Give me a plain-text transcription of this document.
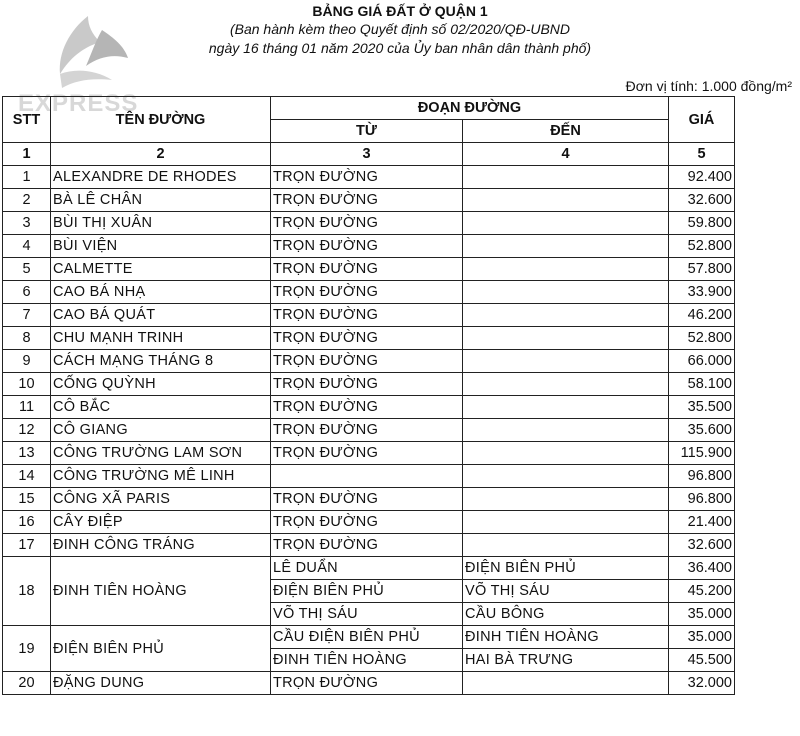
BẢNG GIÁ ĐẤT Ở QUẬN 1
(Ban hành kèm theo Quyết định số 02/2020/QĐ-UBND
ngày 16 tháng 01 năm 2020 của Ủy ban nhân dân thành phố)
Đơn vị tính: 1.000 đồng/m²
EXPRESS
STT	TÊN ĐƯỜNG	ĐOẠN ĐƯỜNG		GIÁ
		TỪ	ĐẾN	
1	2	3	4	5
1	ALEXANDRE DE RHODES	TRỌN ĐƯỜNG		92.400
2	BÀ LÊ CHÂN	TRỌN ĐƯỜNG		32.600
3	BÙI THỊ XUÂN	TRỌN ĐƯỜNG		59.800
4	BÙI VIỆN	TRỌN ĐƯỜNG		52.800
5	CALMETTE	TRỌN ĐƯỜNG		57.800
6	CAO BÁ NHẠ	TRỌN ĐƯỜNG		33.900
7	CAO BÁ QUÁT	TRỌN ĐƯỜNG		46.200
8	CHU MẠNH TRINH	TRỌN ĐƯỜNG		52.800
9	CÁCH MẠNG THÁNG 8	TRỌN ĐƯỜNG		66.000
10	CỐNG QUỲNH	TRỌN ĐƯỜNG		58.100
11	CÔ BẮC	TRỌN ĐƯỜNG		35.500
12	CÔ GIANG	TRỌN ĐƯỜNG		35.600
13	CÔNG TRƯỜNG LAM SƠN	TRỌN ĐƯỜNG		115.900
14	CÔNG TRƯỜNG MÊ LINH			96.800
15	CÔNG XÃ PARIS	TRỌN ĐƯỜNG		96.800
16	CÂY ĐIỆP	TRỌN ĐƯỜNG		21.400
17	ĐINH CÔNG TRÁNG	TRỌN ĐƯỜNG		32.600
18	ĐINH TIÊN HOÀNG	LÊ DUẨN	ĐIỆN BIÊN PHỦ	36.400
		ĐIỆN BIÊN PHỦ	VÕ THỊ SÁU	45.200
		VÕ THỊ SÁU	CẦU BÔNG	35.000
19	ĐIỆN BIÊN PHỦ	CẦU ĐIỆN BIÊN PHỦ	ĐINH TIÊN HOÀNG	35.000
		ĐINH TIÊN HOÀNG	HAI BÀ TRƯNG	45.500
20	ĐẶNG DUNG	TRỌN ĐƯỜNG		32.000
